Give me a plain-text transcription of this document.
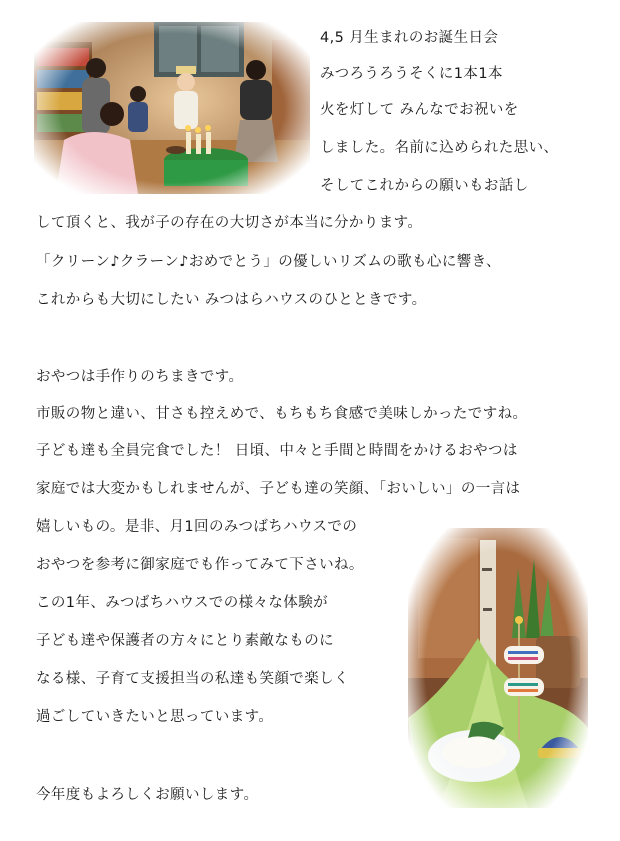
4,5 月生まれのお誕生日会

みつろうろうそくに1本1本

火を灯して みんなでお祝いを

しました。名前に込められた思い、

そしてこれからの願いもお話し

して頂くと、我が子の存在の大切さが本当に分かります。

「クリーン♪クラーン♪おめでとう」の優しいリズムの歌も心に響き、

これからも大切にしたい みつはらハウスのひとときです。

おやつは手作りのちまきです。

市販の物と違い、甘さも控えめで、もちもち食感で美味しかったですね。

子ども達も全員完食でした！ 日頃、中々と手間と時間をかけるおやつは

家庭では大変かもしれませんが、子ども達の笑顔、「おいしい」の一言は

嬉しいもの。是非、月1回のみつばちハウスでの

おやつを参考に御家庭でも作ってみて下さいね。

この1年、みつばちハウスでの様々な体験が

子ども達や保護者の方々にとり素敵なものに

なる様、子育て支援担当の私達も笑顔で楽しく

過ごしていきたいと思っています。

今年度もよろしくお願いします。
